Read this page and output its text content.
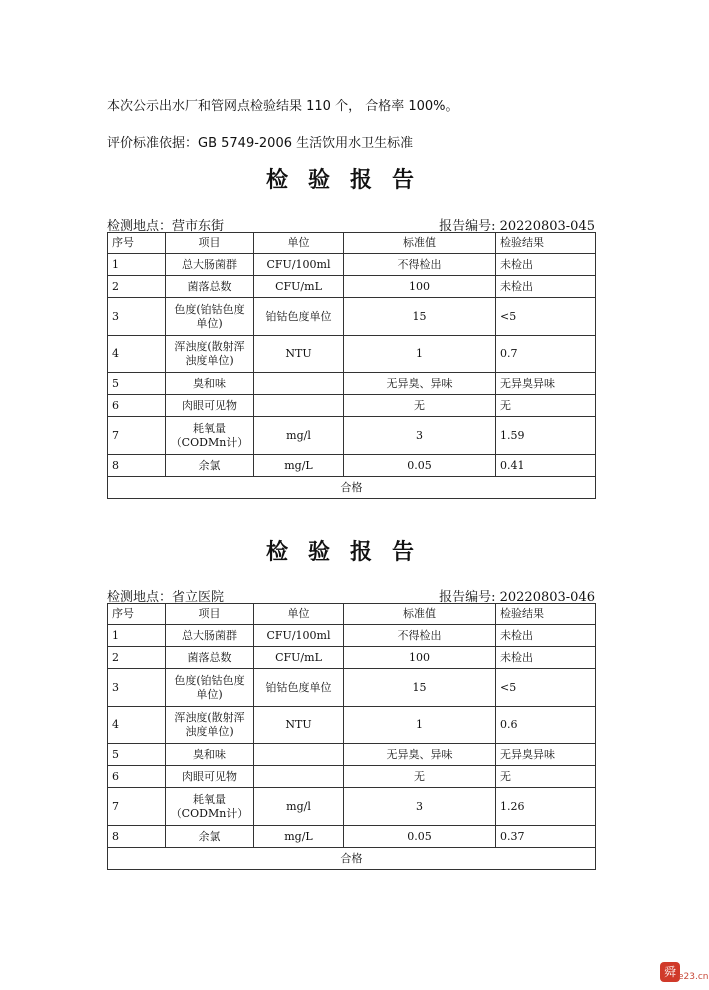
本次公示出水厂和管网点检验结果 110 个， 合格率 100%。
评价标准依据：GB 5749-2006 生活饮用水卫生标准
检验报告
检测地点：营市东街	报告编号: 20220803-045
序号	项目	单位	标准值	检验结果
1	总大肠菌群	CFU/100ml	不得检出	未检出
2	菌落总数	CFU/mL	100	未检出
3	色度(铂钴色度单位)	铂钴色度单位	15	<5
4	浑浊度(散射浑浊度单位)	NTU	1	0.7
5	臭和味		无异臭、异味	无异臭异味
6	肉眼可见物		无	无
7	耗氧量（CODMn计）	mg/l	3	1.59
8	余氯	mg/L	0.05	0.41
合格				
检验报告
检测地点：省立医院	报告编号: 20220803-046
序号	项目	单位	标准值	检验结果
1	总大肠菌群	CFU/100ml	不得检出	未检出
2	菌落总数	CFU/mL	100	未检出
3	色度(铂钴色度单位)	铂钴色度单位	15	<5
4	浑浊度(散射浑浊度单位)	NTU	1	0.6
5	臭和味		无异臭、异味	无异臭异味
6	肉眼可见物		无	无
7	耗氧量（CODMn计）	mg/l	3	1.26
8	余氯	mg/L	0.05	0.37
合格				
舜 e23.cn
